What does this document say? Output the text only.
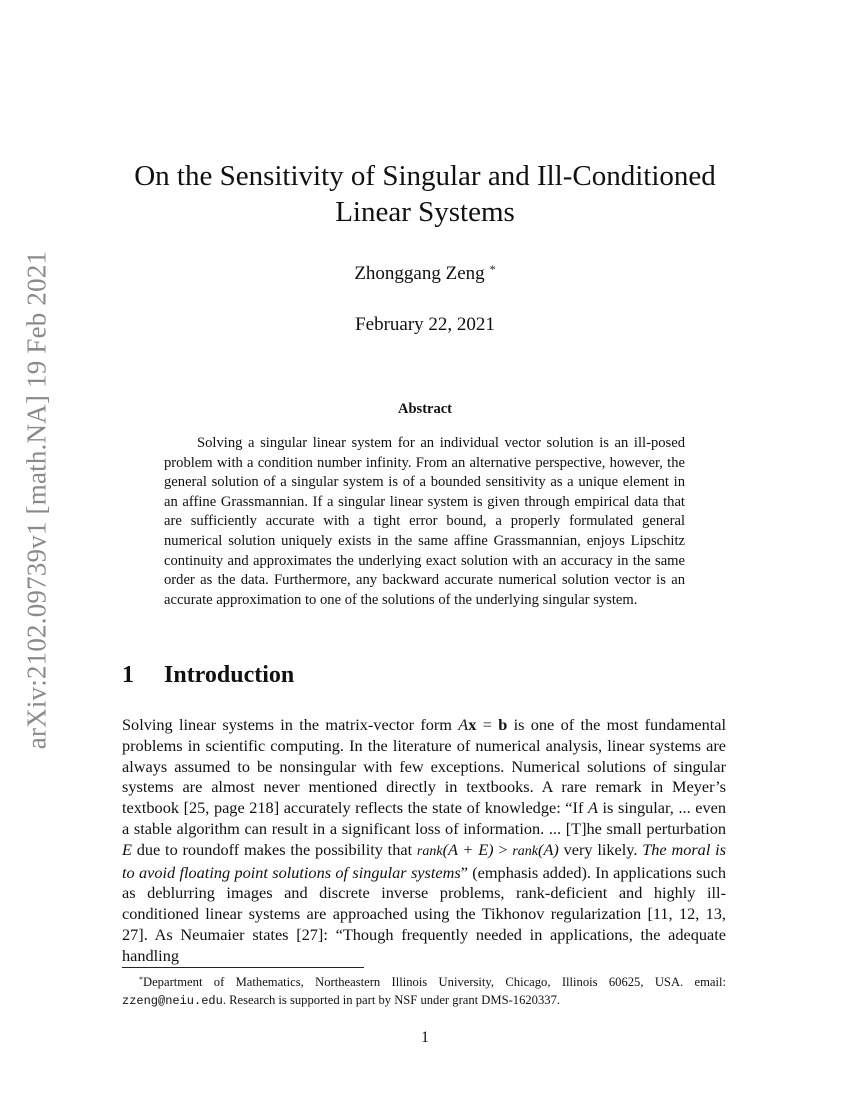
arXiv:2102.09739v1 [math.NA] 19 Feb 2021
On the Sensitivity of Singular and Ill-Conditioned
Linear Systems
Zhonggang Zeng *
February 22, 2021
Abstract

Solving a singular linear system for an individual vector solution is an ill-posed problem with a condition number infinity. From an alternative perspective, however, the general solution of a singular system is of a bounded sensitivity as a unique element in an affine Grassmannian. If a singular linear system is given through empirical data that are sufficiently accurate with a tight error bound, a properly formulated general numerical solution uniquely exists in the same affine Grassmannian, enjoys Lipschitz continuity and approximates the underlying exact solution with an accuracy in the same order as the data. Furthermore, any backward accurate numerical solution vector is an accurate approximation to one of the solutions of the underlying singular system.

1 Introduction

Solving linear systems in the matrix-vector form Ax = b is one of the most fundamental problems in scientific computing. In the literature of numerical analysis, linear systems are always assumed to be nonsingular with few exceptions. Numerical solutions of singular systems are almost never mentioned directly in textbooks. A rare remark in Meyer’s textbook [25, page 218] accurately reflects the state of knowledge: “If A is singular, ... even a stable algorithm can result in a significant loss of information. ... [T]he small perturbation E due to roundoff makes the possibility that rank(A + E) > rank(A) very likely. The moral is to avoid floating point solutions of singular systems” (emphasis added). In applications such as deblurring images and discrete inverse problems, rank-deficient and highly ill-conditioned linear systems are approached using the Tikhonov regularization [11, 12, 13, 27]. As Neumaier states [27]: “Though frequently needed in applications, the adequate handling

*Department of Mathematics, Northeastern Illinois University, Chicago, Illinois 60625, USA. email: zzeng@neiu.edu. Research is supported in part by NSF under grant DMS-1620337.

1
